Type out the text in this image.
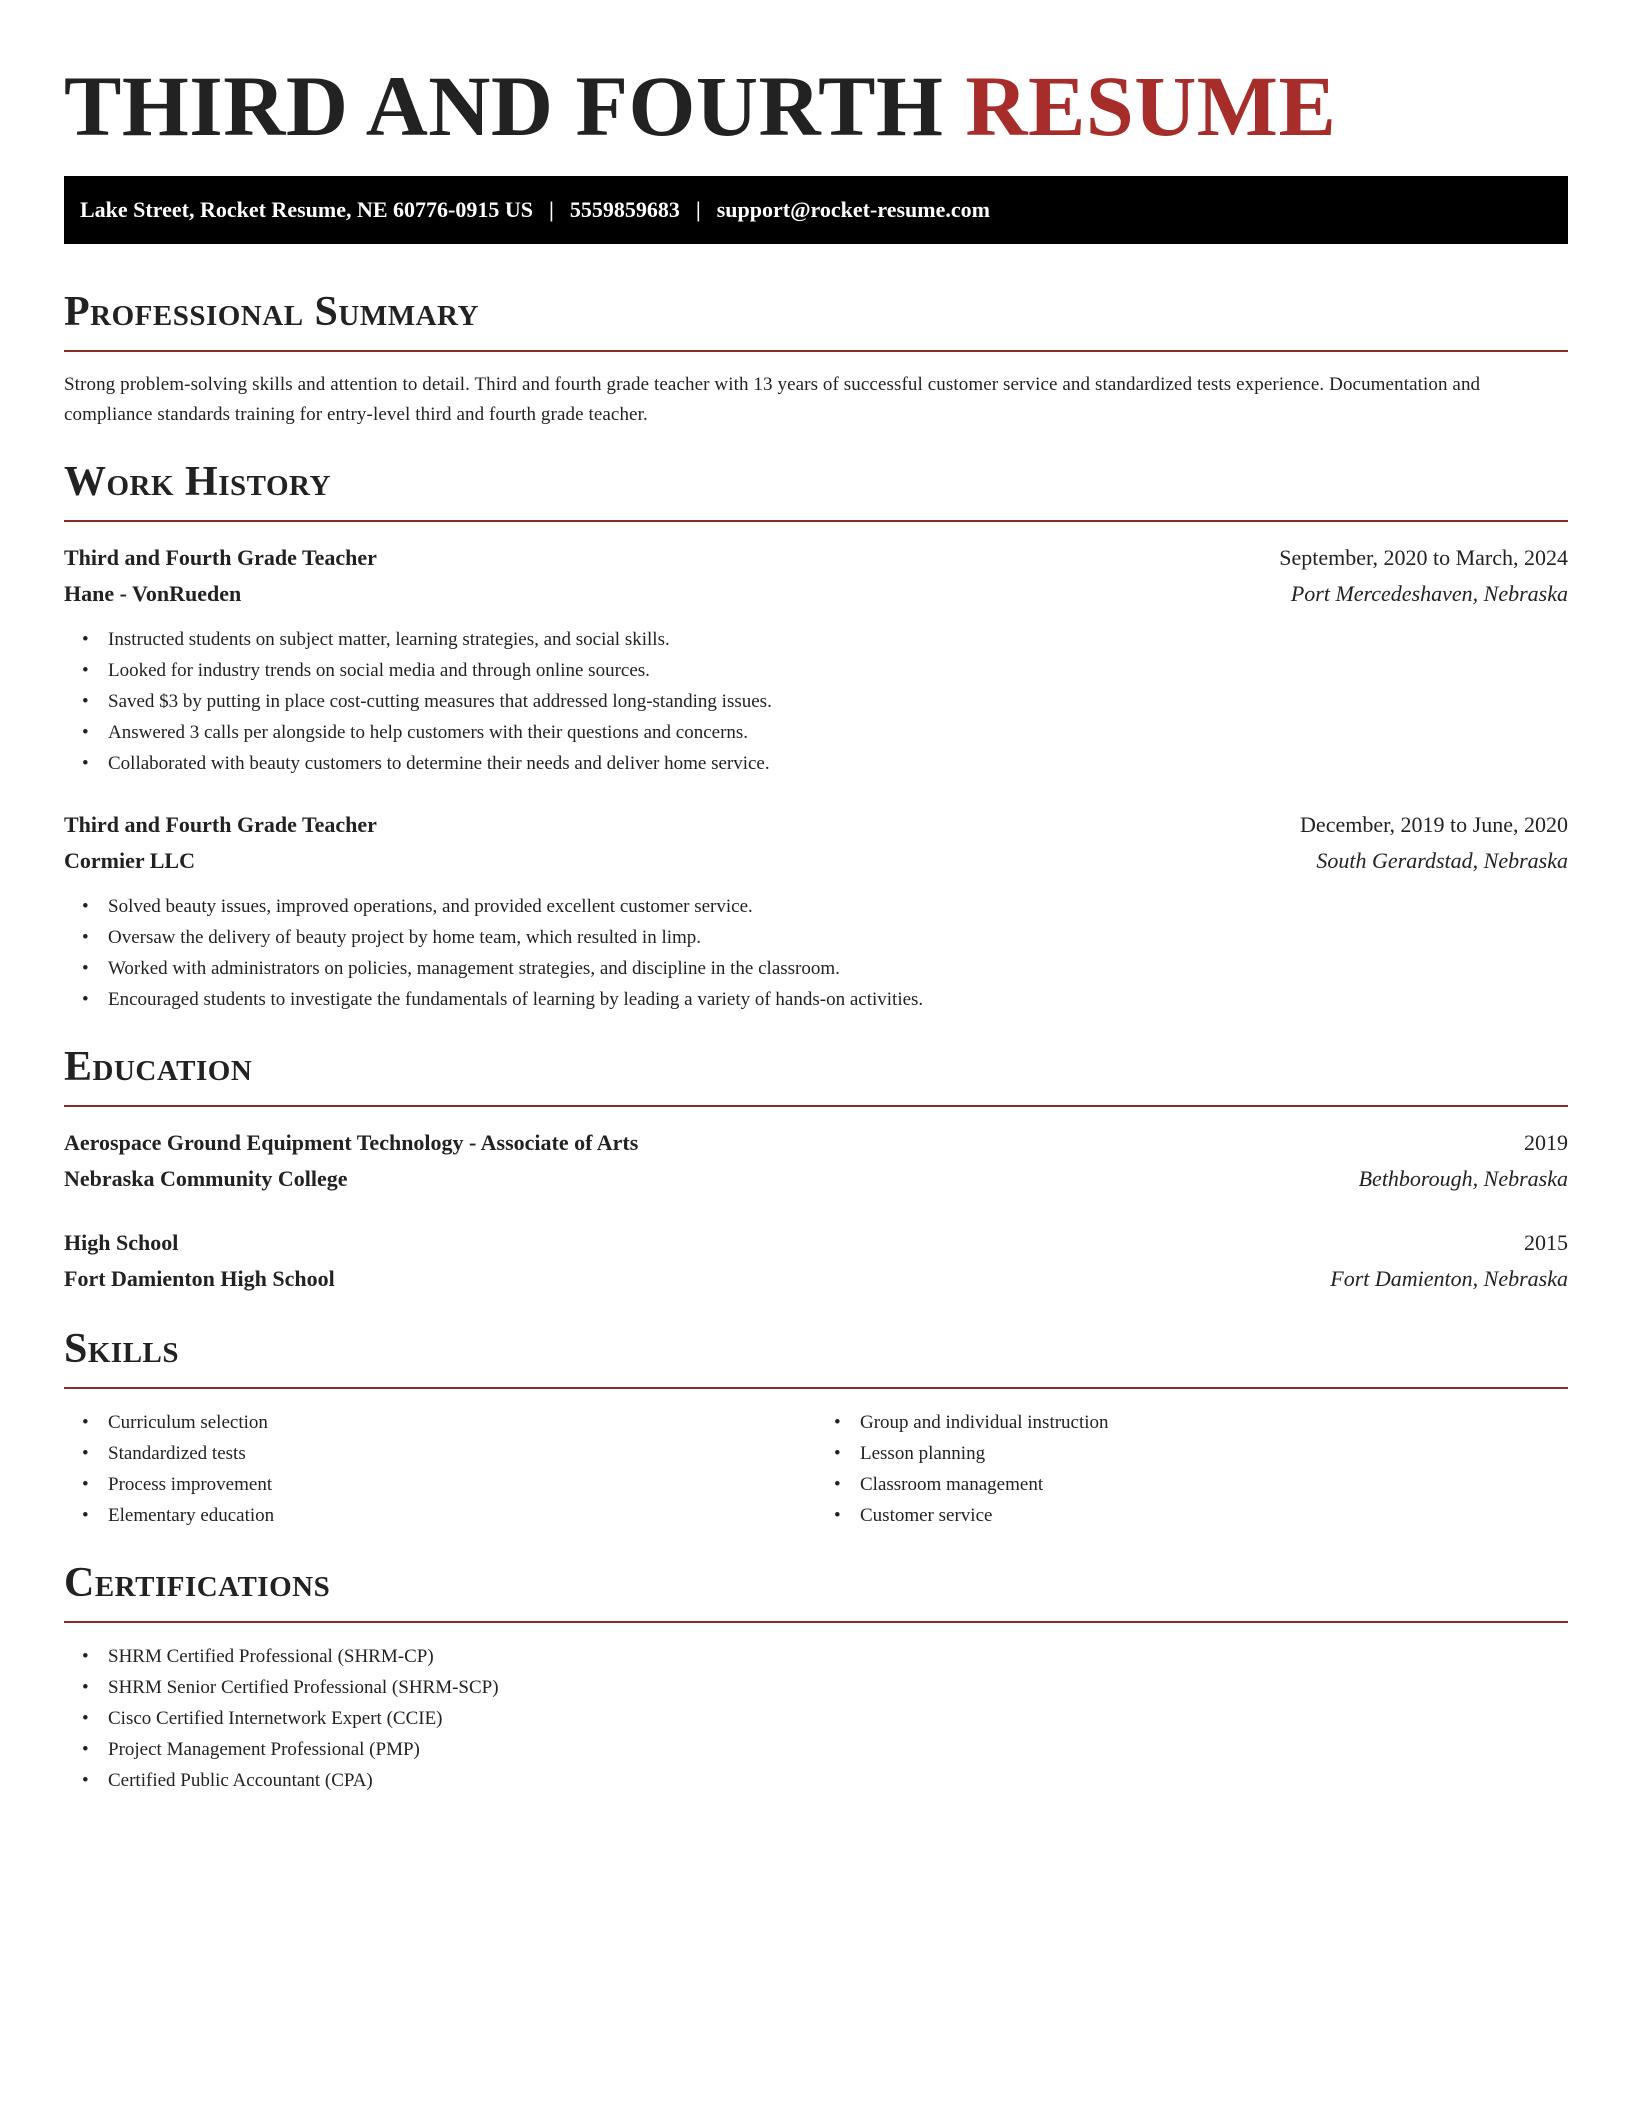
THIRD AND FOURTH RESUME
Lake Street, Rocket Resume, NE 60776-0915 US | 5559859683 | support@rocket-resume.com
Professional Summary

Strong problem-solving skills and attention to detail. Third and fourth grade teacher with 13 years of successful customer service and standardized tests experience. Documentation and compliance standards training for entry-level third and fourth grade teacher.

Work History
Third and Fourth Grade Teacher	September, 2020 to March, 2024
Hane - VonRueden	Port Mercedeshaven, Nebraska
• Instructed students on subject matter, learning strategies, and social skills.
• Looked for industry trends on social media and through online sources.
• Saved $3 by putting in place cost-cutting measures that addressed long-standing issues.
• Answered 3 calls per alongside to help customers with their questions and concerns.
• Collaborated with beauty customers to determine their needs and deliver home service.
Third and Fourth Grade Teacher	December, 2019 to June, 2020
Cormier LLC	South Gerardstad, Nebraska
• Solved beauty issues, improved operations, and provided excellent customer service.
• Oversaw the delivery of beauty project by home team, which resulted in limp.
• Worked with administrators on policies, management strategies, and discipline in the classroom.
• Encouraged students to investigate the fundamentals of learning by leading a variety of hands-on activities.
Education
Aerospace Ground Equipment Technology - Associate of Arts	2019
Nebraska Community College	Bethborough, Nebraska
High School	2015
Fort Damienton High School	Fort Damienton, Nebraska
Skills
• Curriculum selection
• Standardized tests
• Process improvement
• Elementary education
• Group and individual instruction
• Lesson planning
• Classroom management
• Customer service
Certifications
• SHRM Certified Professional (SHRM-CP)
• SHRM Senior Certified Professional (SHRM-SCP)
• Cisco Certified Internetwork Expert (CCIE)
• Project Management Professional (PMP)
• Certified Public Accountant (CPA)
